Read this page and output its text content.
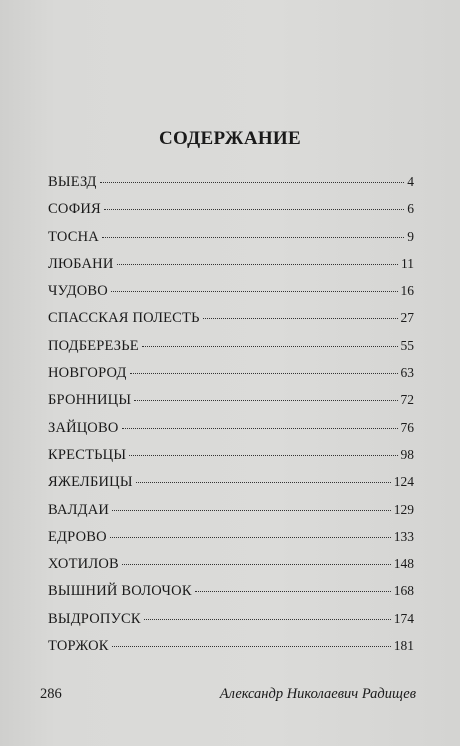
СОДЕРЖАНИЕ
ВЫЕЗД	4
СОФИЯ	6
ТОСНА	9
ЛЮБАНИ	11
ЧУДОВО	16
СПАССКАЯ ПОЛЕСТЬ	27
ПОДБЕРЕЗЬЕ	55
НОВГОРОД	63
БРОННИЦЫ	72
ЗАЙЦОВО	76
КРЕСТЬЦЫ	98
ЯЖЕЛБИЦЫ	124
ВАЛДАИ	129
ЕДРОВО	133
ХОТИЛОВ	148
ВЫШНИЙ ВОЛОЧОК	168
ВЫДРОПУСК	174
ТОРЖОК	181
286	Александр Николаевич Радищев
